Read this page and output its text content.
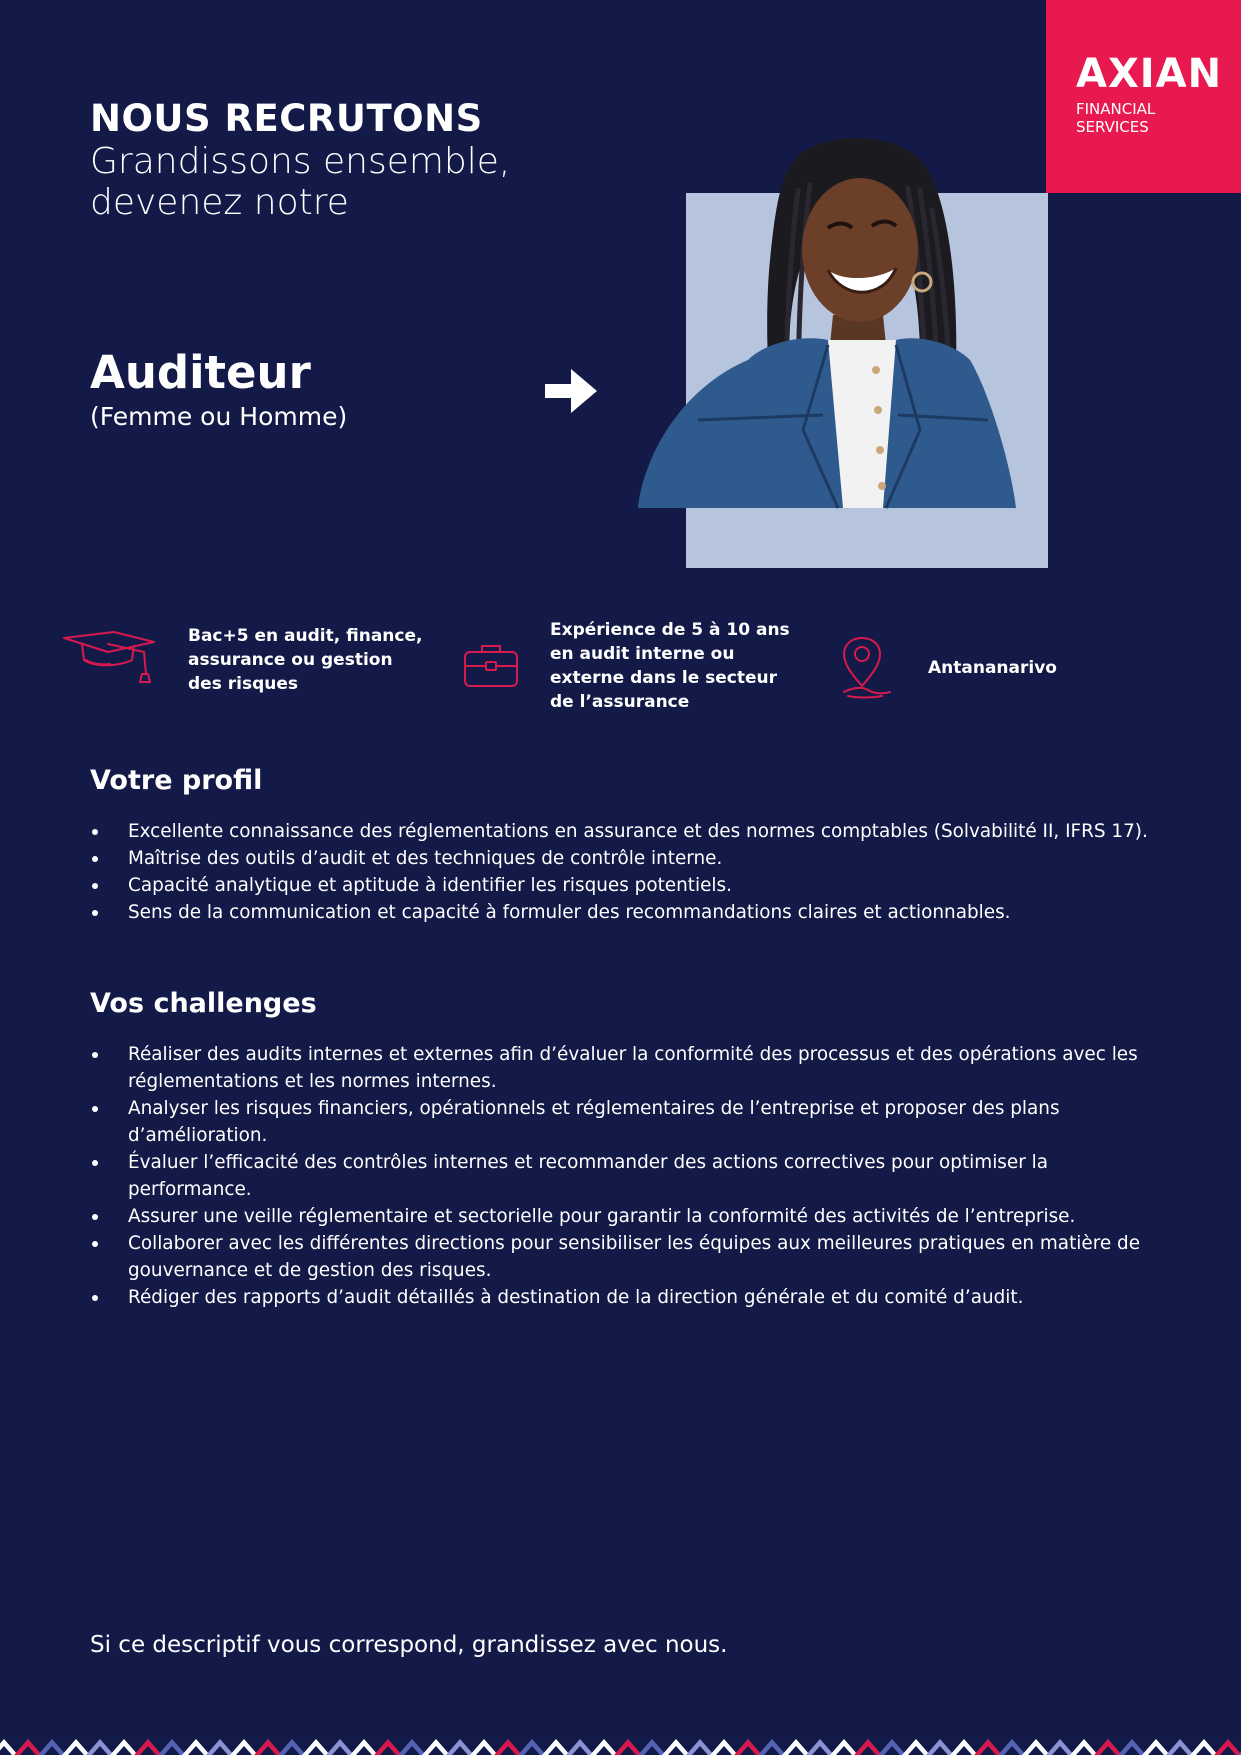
AXIAN
FINANCIAL
SERVICES
NOUS RECRUTONS
Grandissons ensemble, devenez notre
Auditeur
(Femme ou Homme)
Bac+5 en audit, finance, assurance ou gestion des risques
Expérience de 5 à 10 ans en audit interne ou externe dans le secteur de l’assurance
Antananarivo
Votre profil
Excellente connaissance des réglementations en assurance et des normes comptables (Solvabilité II, IFRS 17).
Maîtrise des outils d’audit et des techniques de contrôle interne.
Capacité analytique et aptitude à identifier les risques potentiels.
Sens de la communication et capacité à formuler des recommandations claires et actionnables.
Vos challenges
Réaliser des audits internes et externes afin d’évaluer la conformité des processus et des opérations avec les réglementations et les normes internes.
Analyser les risques financiers, opérationnels et réglementaires de l’entreprise et proposer des plans d’amélioration.
Évaluer l’efficacité des contrôles internes et recommander des actions correctives pour optimiser la performance.
Assurer une veille réglementaire et sectorielle pour garantir la conformité des activités de l’entreprise.
Collaborer avec les différentes directions pour sensibiliser les équipes aux meilleures pratiques en matière de gouvernance et de gestion des risques.
Rédiger des rapports d’audit détaillés à destination de la direction générale et du comité d’audit.
Si ce descriptif vous correspond, grandissez avec nous.
